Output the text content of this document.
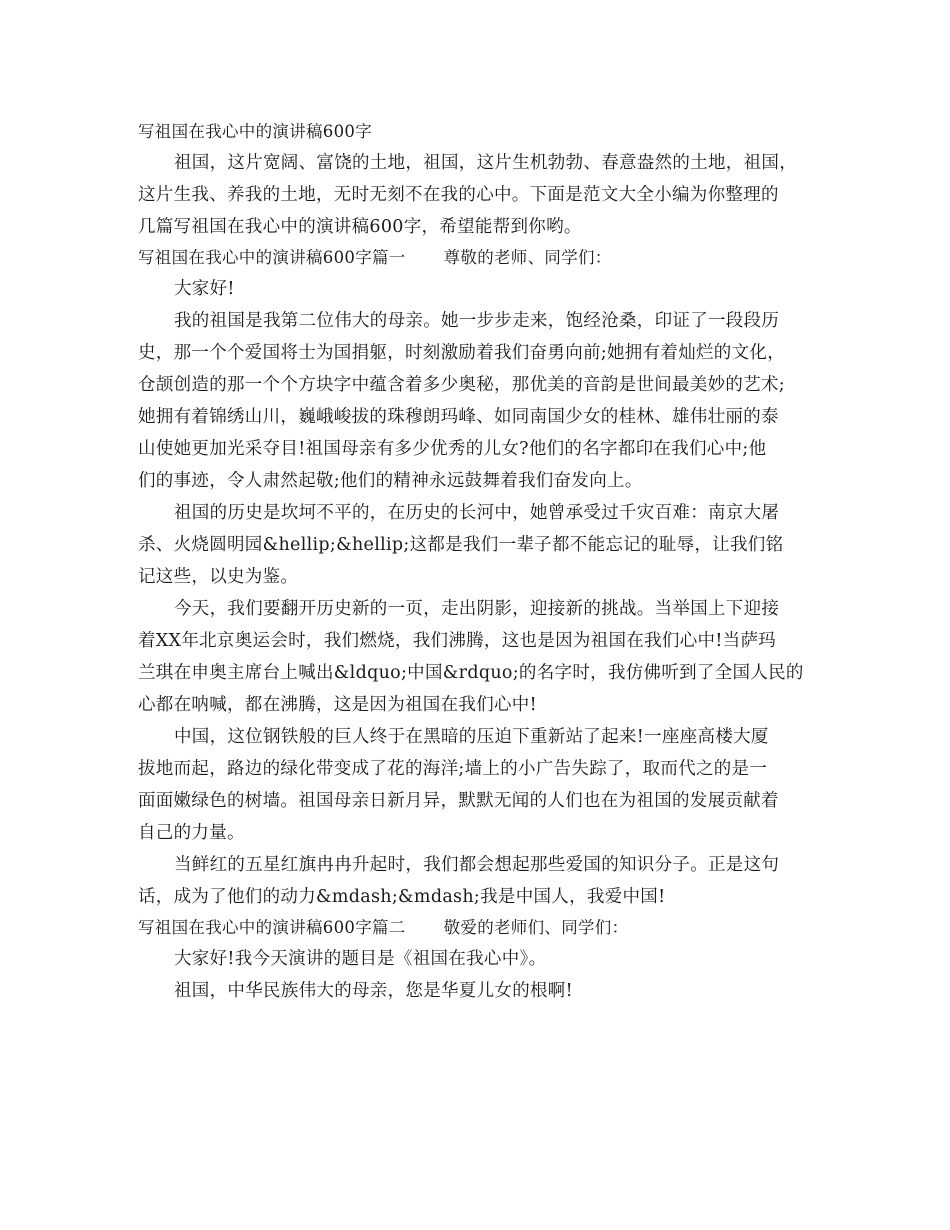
写祖国在我心中的演讲稿600字
祖国，这片宽阔、富饶的土地，祖国，这片生机勃勃、春意盎然的土地，祖国，
这片生我、养我的土地，无时无刻不在我的心中。下面是范文大全小编为你整理的
几篇写祖国在我心中的演讲稿600字，希望能帮到你哟。
写祖国在我心中的演讲稿600字篇一 尊敬的老师、同学们：
大家好!
我的祖国是我第二位伟大的母亲。她一步步走来，饱经沧桑，印证了一段段历
史，那一个个爱国将士为国捐躯，时刻激励着我们奋勇向前;她拥有着灿烂的文化，
仓颉创造的那一个个方块字中蕴含着多少奥秘，那优美的音韵是世间最美妙的艺术;
她拥有着锦绣山川，巍峨峻拔的珠穆朗玛峰、如同南国少女的桂林、雄伟壮丽的泰
山使她更加光采夺目!祖国母亲有多少优秀的儿女?他们的名字都印在我们心中;他
们的事迹，令人肃然起敬;他们的精神永远鼓舞着我们奋发向上。
祖国的历史是坎坷不平的，在历史的长河中，她曾承受过千灾百难：南京大屠
杀、火烧圆明园&hellip;&hellip;这都是我们一辈子都不能忘记的耻辱，让我们铭
记这些，以史为鉴。
今天，我们要翻开历史新的一页，走出阴影，迎接新的挑战。当举国上下迎接
着XX年北京奥运会时，我们燃烧，我们沸腾，这也是因为祖国在我们心中!当萨玛
兰琪在申奥主席台上喊出&ldquo;中国&rdquo;的名字时，我仿佛听到了全国人民的
心都在呐喊，都在沸腾，这是因为祖国在我们心中!
中国，这位钢铁般的巨人终于在黑暗的压迫下重新站了起来!一座座高楼大厦
拔地而起，路边的绿化带变成了花的海洋;墙上的小广告失踪了，取而代之的是一
面面嫩绿色的树墙。祖国母亲日新月异，默默无闻的人们也在为祖国的发展贡献着
自己的力量。
当鲜红的五星红旗冉冉升起时，我们都会想起那些爱国的知识分子。正是这句
话，成为了他们的动力&mdash;&mdash;我是中国人，我爱中国!
写祖国在我心中的演讲稿600字篇二 敬爱的老师们、同学们：
大家好!我今天演讲的题目是《祖国在我心中》。
祖国，中华民族伟大的母亲，您是华夏儿女的根啊!
